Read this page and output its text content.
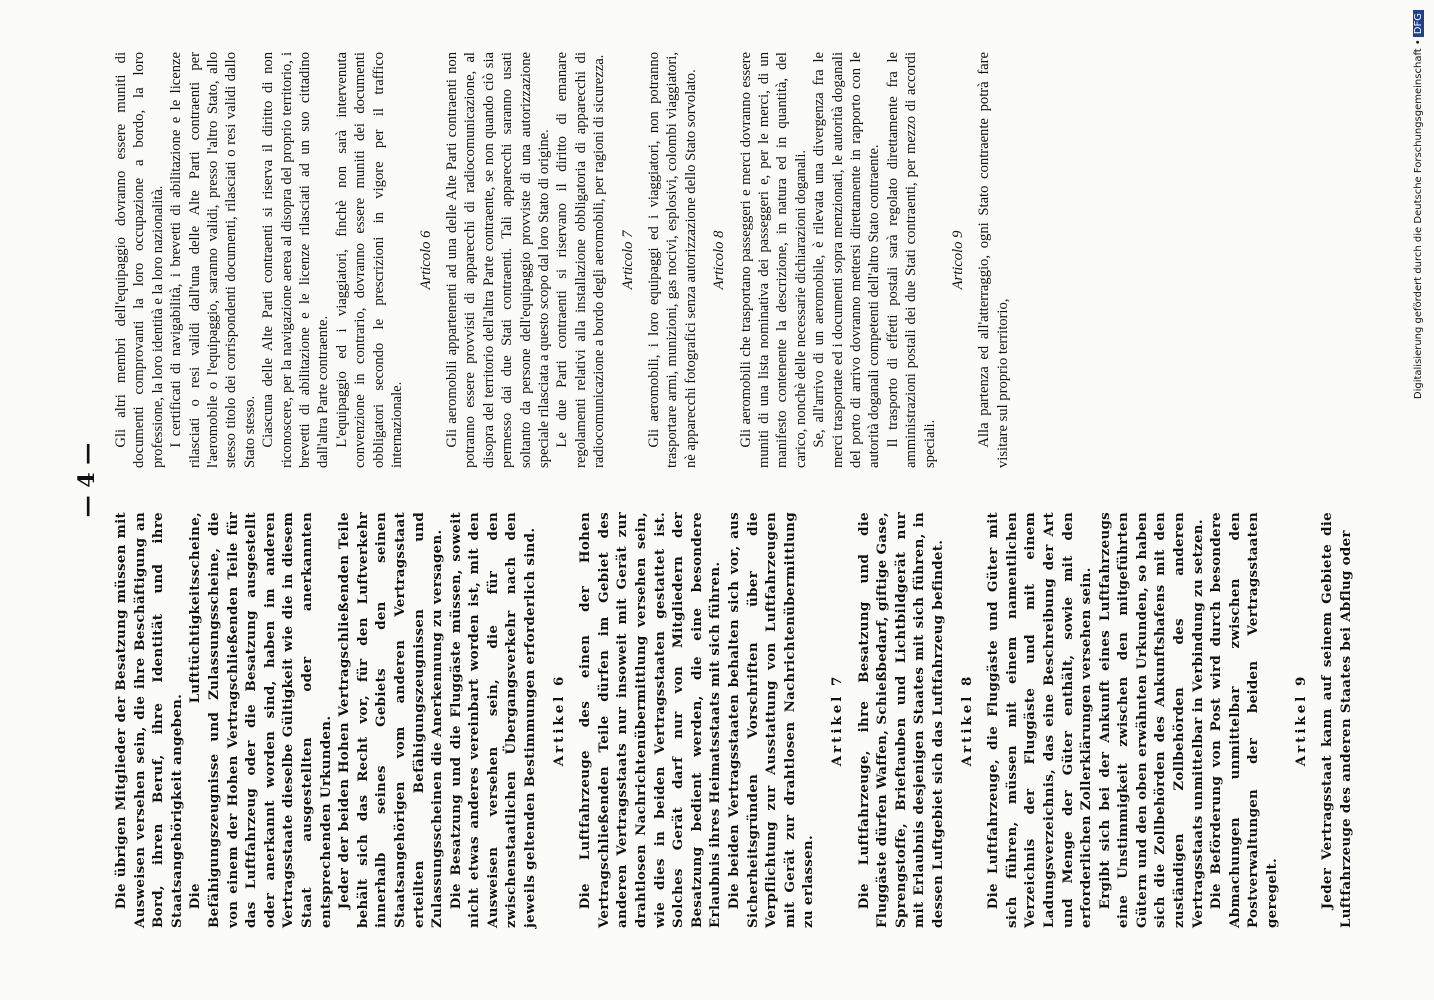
— 4 —

Die übrigen Mitglieder der Besatzung müssen mit Ausweisen versehen sein, die ihre Beschäftigung an Bord, ihren Beruf, ihre Identität und ihre Staatsangehörigkeit angeben. Die Lufttüchtigkeitsscheine, Befähigungszeugnisse und Zulassungsscheine, die von einem der Hohen Vertragschließenden Teile für das Luftfahrzeug oder die Besatzung ausgestellt oder anerkannt worden sind, haben im anderen Vertragsstaate dieselbe Gültigkeit wie die in diesem Staat ausgestellten oder anerkannten entsprechenden Urkunden. Jeder der beiden Hohen Vertragschließenden Teile behält sich das Recht vor, für den Luftverkehr innerhalb seines Gebiets den seinen Staatsangehörigen vom anderen Vertragsstaat erteilten Befähigungszeugnissen und Zulassungsscheinen die Anerkennung zu versagen. Die Besatzung und die Fluggäste müssen, soweit nicht etwas anderes vereinbart worden ist, mit den Ausweisen versehen sein, die für den zwischenstaatlichen Übergangsverkehr nach den jeweils geltenden Bestimmungen erforderlich sind. Artikel 6 Die Luftfahrzeuge des einen der Hohen Vertragschließenden Teile dürfen im Gebiet des anderen Vertragsstaats nur insoweit mit Gerät zur drahtlosen Nachrichtenübermittlung versehen sein, wie dies in beiden Vertragsstaaten gestattet ist. Solches Gerät darf nur von Mitgliedern der Besatzung bedient werden, die eine besondere Erlaubnis ihres Heimatsstaats mit sich führen. Die beiden Vertragsstaaten behalten sich vor, aus Sicherheitsgründen Vorschriften über die Verpflichtung zur Ausstattung von Luftfahrzeugen mit Gerät zur drahtlosen Nachrichtenübermittlung zu erlassen.

Artikel 7 Die Luftfahrzeuge, ihre Besatzung und die Fluggäste dürfen Waffen, Schießbedarf, giftige Gase, Sprengstoffe, Brieftauben und Lichtbildgerät nur mit Erlaubnis desjenigen Staates mit sich führen, in dessen Luftgebiet sich das Luftfahrzeug befindet. Artikel 8 Die Luftfahrzeuge, die Fluggäste und Güter mit sich führen, müssen mit einem namentlichen Verzeichnis der Fluggäste und mit einem Ladungsverzeichnis, das eine Beschreibung der Art und Menge der Güter enthält, sowie mit den erforderlichen Zollerklärungen versehen sein. Ergibt sich bei der Ankunft eines Luftfahrzeugs eine Unstimmigkeit zwischen den mitgeführten Gütern und den oben erwähnten Urkunden, so haben sich die Zollbehörden des Ankunftshafens mit den zuständigen Zollbehörden des anderen Vertragsstaats unmittelbar in Verbindung zu setzen. Die Beförderung von Post wird durch besondere Abmachungen unmittelbar zwischen den Postverwaltungen der beiden Vertragsstaaten geregelt.

Artikel 9 Jeder Vertragsstaat kann auf seinem Gebiete die Luftfahrzeuge des anderen Staates bei Abflug oder

Gli altri membri dell'equipaggio dovranno essere muniti di documenti comprovanti la loro occupazione a bordo, la loro professione, la loro identità e la loro nazionalità. I certificati di navigabilità, i brevetti di abilitazione e le licenze rilasciati o resi validi dall'una delle Alte Parti contraenti per l'aeromobile o l'equipaggio, saranno validi, presso l'altro Stato, allo stesso titolo dei corrispondenti documenti, rilasciati o resi validi dallo Stato stesso. Ciascuna delle Alte Parti contraenti si riserva il diritto di non riconoscere, per la navigazione aerea al disopra del proprio territorio, i brevetti di abilitazione e le licenze rilasciati ad un suo cittadino dall'altra Parte contraente. L'equipaggio ed i viaggiatori, finchè non sarà intervenuta convenzione in contrario, dovranno essere muniti dei documenti obbligatori secondo le prescrizioni in vigore per il traffico internazionale.

Articolo 6 Gli aeromobili appartenenti ad una delle Alte Parti contraenti non potranno essere provvisti di apparecchi di radiocomunicazione, al disopra del territorio dell'altra Parte contraente, se non quando ciò sia permesso dai due Stati contraenti. Tali apparecchi saranno usati soltanto da persone dell'equipaggio provviste di una autorizzazione speciale rilasciata a questo scopo dal loro Stato di origine. Le due Parti contraenti si riservano il diritto di emanare regolamenti relativi alla installazione obbligatoria di apparecchi di radiocomunicazione a bordo degli aeromobili, per ragioni di sicurezza. Articolo 7 Gli aeromobili, i loro equipaggi ed i viaggiatori, non potranno trasportare armi, munizioni, gas nocivi, esplosivi, colombi viaggiatori, nè apparecchi fotografici senza autorizzazione dello Stato sorvolato. Articolo 8 Gli aeromobili che trasportano passeggeri e merci dovranno essere muniti di una lista nominativa dei passeggeri e, per le merci, di un manifesto contenente la descrizione, in natura ed in quantità, del carico, nonchè delle necessarie dichiarazioni doganali. Se, all'arrivo di un aeromobile, è rilevata una divergenza fra le merci trasportate ed i documenti sopra menzionati, le autorità doganali del porto di arrivo dovranno mettersi direttamente in rapporto con le autorità doganali competenti dell'altro Stato contraente. Il trasporto di effetti postali sarà regolato direttamente fra le amministrazioni postali dei due Stati contraenti, per mezzo di accordi speciali.

Articolo 9 Alla partenza ed all'atterraggio, ogni Stato contraente potrà fare visitare sul proprio territorio,	Digitalisierung gefördert durch die Deutsche Forschungsgemeinschaft •DFG
